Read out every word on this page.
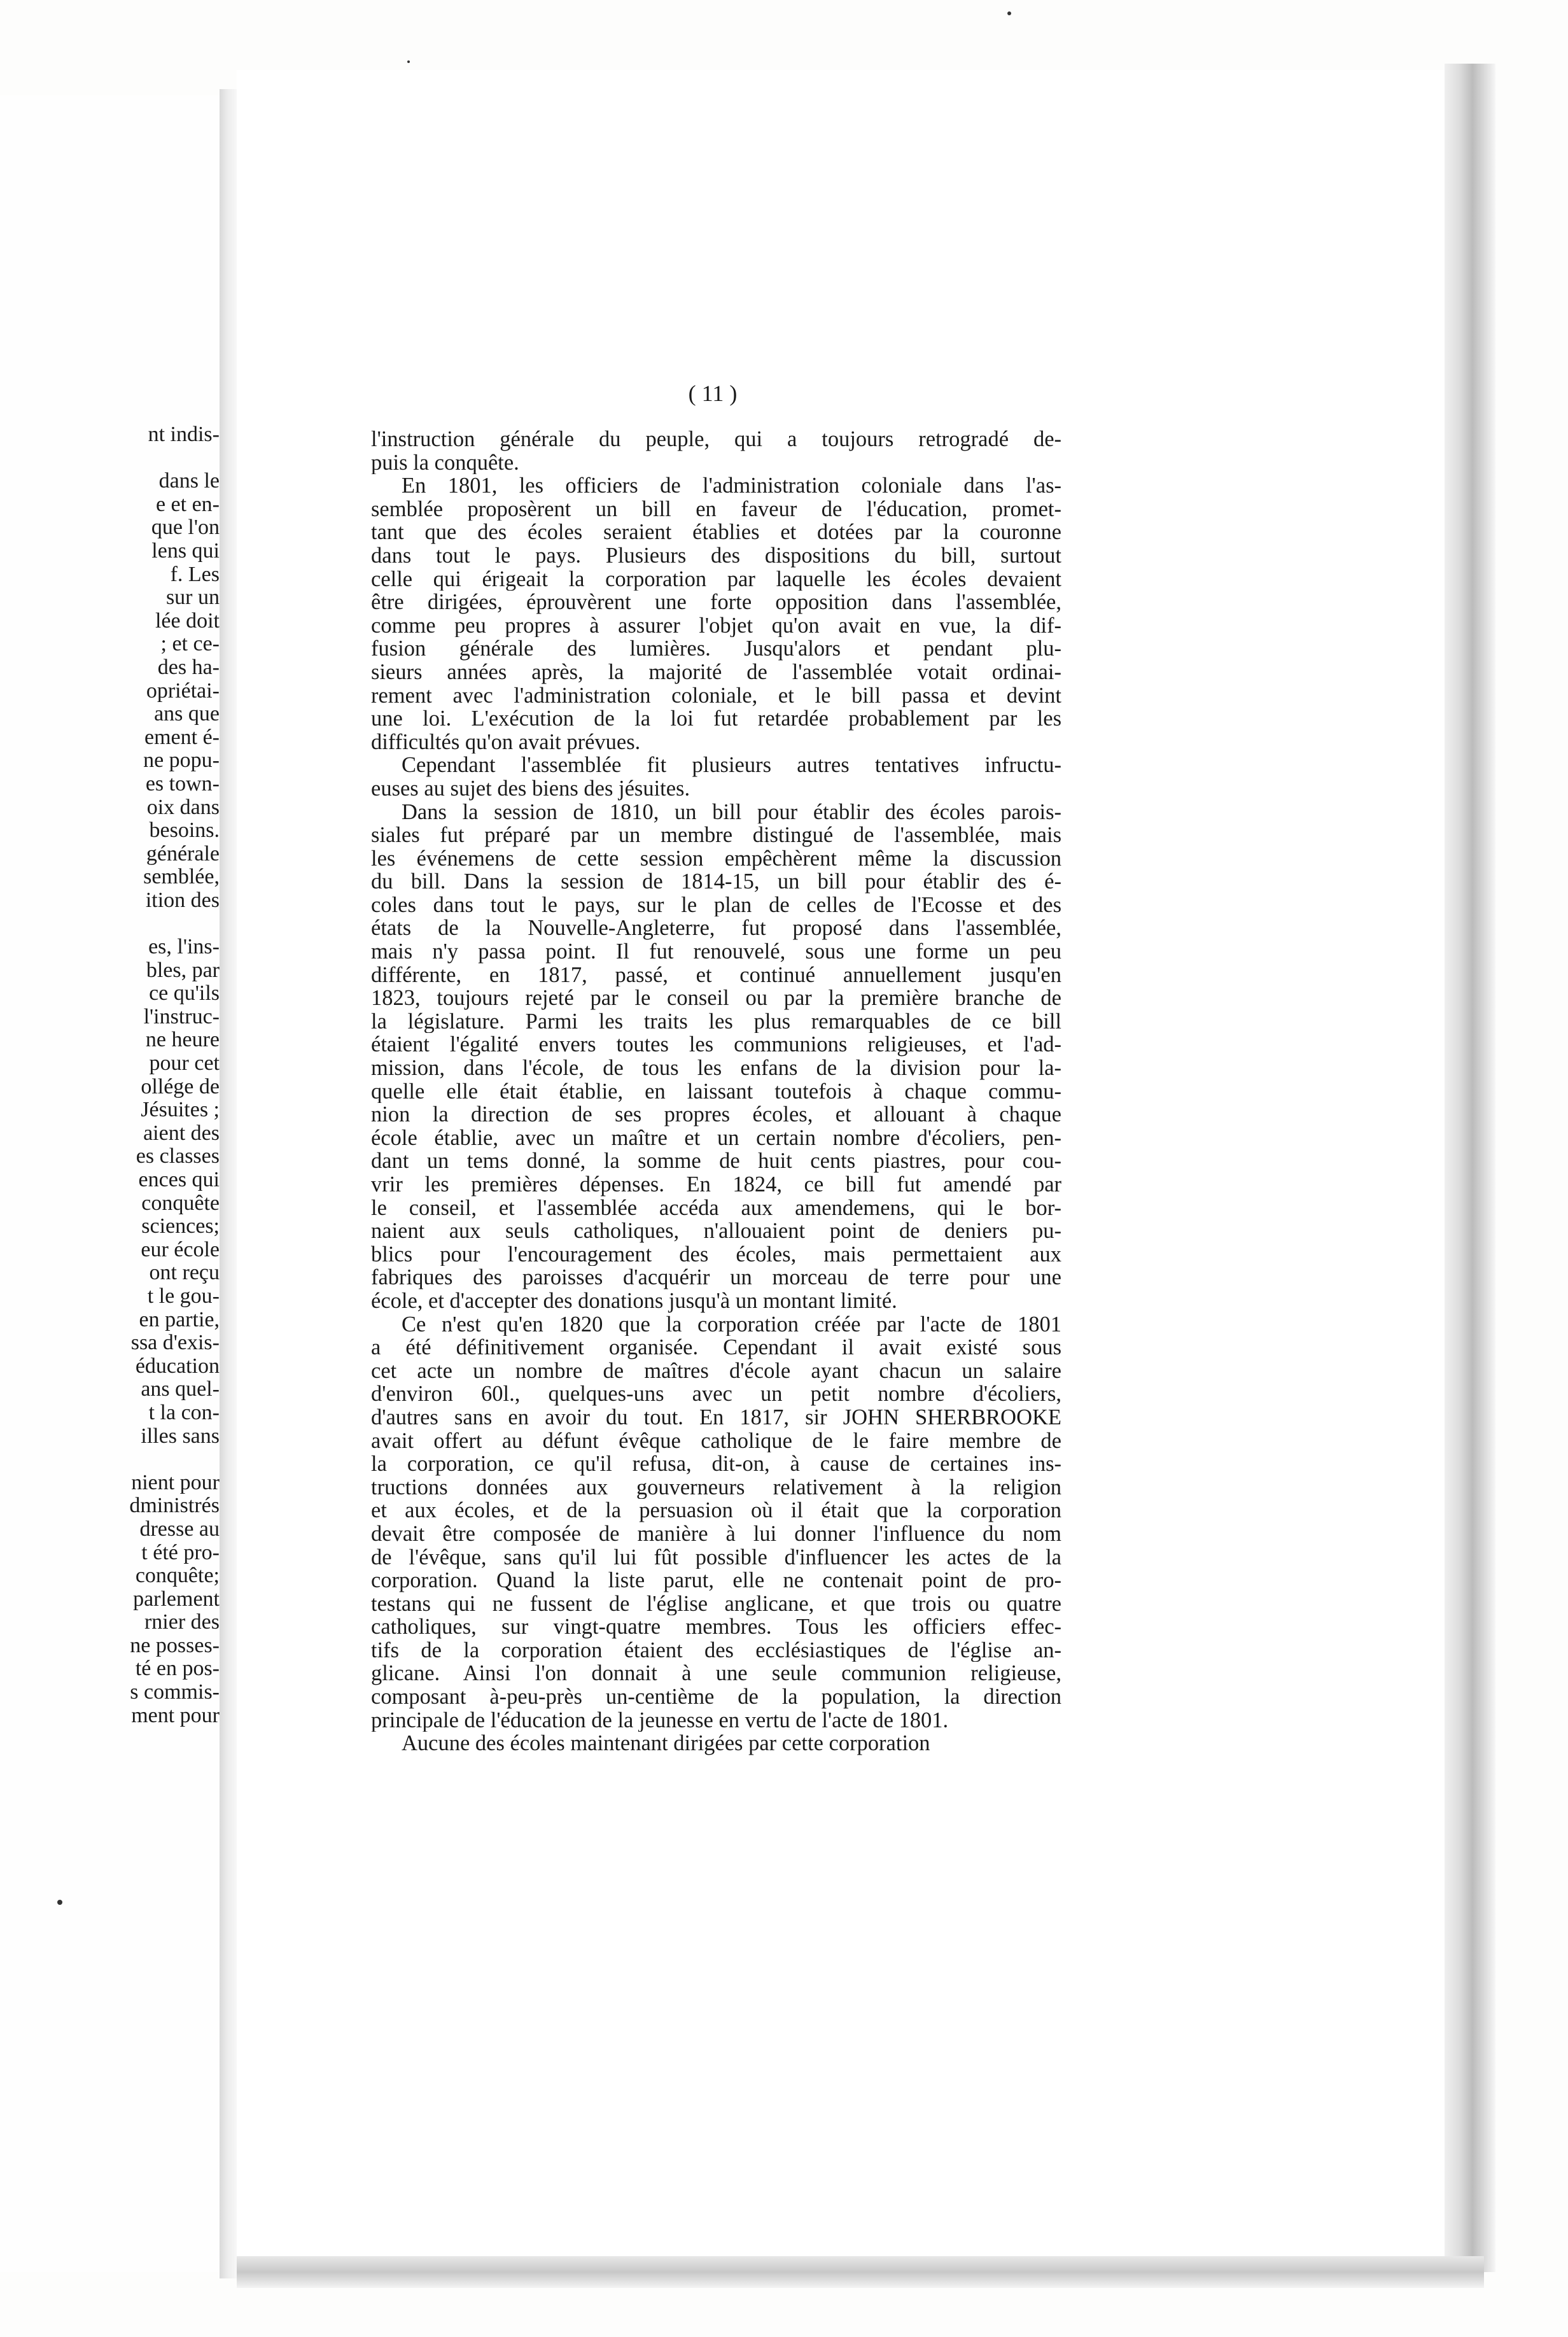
nt indis-
dans le
e et en-
que l'on
lens qui
f. Les
sur un
lée doit
; et ce-
des ha-
opriétai-
ans que
ement é-
ne popu-
es town-
oix dans
besoins.
générale
semblée,
ition des
es, l'ins-
bles, par
ce qu'ils
l'instruc-
ne heure
pour cet
ollége de
Jésuites ;
aient des
es classes
ences qui
conquête
sciences;
eur école
ont reçu
t le gou-
en partie,
ssa d'exis-
éducation
ans quel-
t la con-
illes sans
nient pour
dministrés
dresse au
t été pro-
conquête;
parlement
rnier des
ne posses-
té en pos-
s commis-
ment pour
( 11 )
l'instruction générale du peuple, qui a toujours retrogradé de-
puis la conquête.
En 1801, les officiers de l'administration coloniale dans l'as-
semblée proposèrent un bill en faveur de l'éducation, promet-
tant que des écoles seraient établies et dotées par la couronne
dans tout le pays. Plusieurs des dispositions du bill, surtout
celle qui érigeait la corporation par laquelle les écoles devaient
être dirigées, éprouvèrent une forte opposition dans l'assemblée,
comme peu propres à assurer l'objet qu'on avait en vue, la dif-
fusion générale des lumières. Jusqu'alors et pendant plu-
sieurs années après, la majorité de l'assemblée votait ordinai-
rement avec l'administration coloniale, et le bill passa et devint
une loi. L'exécution de la loi fut retardée probablement par les
difficultés qu'on avait prévues.
Cependant l'assemblée fit plusieurs autres tentatives infructu-
euses au sujet des biens des jésuites.
Dans la session de 1810, un bill pour établir des écoles parois-
siales fut préparé par un membre distingué de l'assemblée, mais
les événemens de cette session empêchèrent même la discussion
du bill. Dans la session de 1814-15, un bill pour établir des é-
coles dans tout le pays, sur le plan de celles de l'Ecosse et des
états de la Nouvelle-Angleterre, fut proposé dans l'assemblée,
mais n'y passa point. Il fut renouvelé, sous une forme un peu
différente, en 1817, passé, et continué annuellement jusqu'en
1823, toujours rejeté par le conseil ou par la première branche de
la législature. Parmi les traits les plus remarquables de ce bill
étaient l'égalité envers toutes les communions religieuses, et l'ad-
mission, dans l'école, de tous les enfans de la division pour la-
quelle elle était établie, en laissant toutefois à chaque commu-
nion la direction de ses propres écoles, et allouant à chaque
école établie, avec un maître et un certain nombre d'écoliers, pen-
dant un tems donné, la somme de huit cents piastres, pour cou-
vrir les premières dépenses. En 1824, ce bill fut amendé par
le conseil, et l'assemblée accéda aux amendemens, qui le bor-
naient aux seuls catholiques, n'allouaient point de deniers pu-
blics pour l'encouragement des écoles, mais permettaient aux
fabriques des paroisses d'acquérir un morceau de terre pour une
école, et d'accepter des donations jusqu'à un montant limité.
Ce n'est qu'en 1820 que la corporation créée par l'acte de 1801
a été définitivement organisée. Cependant il avait existé sous
cet acte un nombre de maîtres d'école ayant chacun un salaire
d'environ 60l., quelques-uns avec un petit nombre d'écoliers,
d'autres sans en avoir du tout. En 1817, sir JOHN SHERBROOKE
avait offert au défunt évêque catholique de le faire membre de
la corporation, ce qu'il refusa, dit-on, à cause de certaines ins-
tructions données aux gouverneurs relativement à la religion
et aux écoles, et de la persuasion où il était que la corporation
devait être composée de manière à lui donner l'influence du nom
de l'évêque, sans qu'il lui fût possible d'influencer les actes de la
corporation. Quand la liste parut, elle ne contenait point de pro-
testans qui ne fussent de l'église anglicane, et que trois ou quatre
catholiques, sur vingt-quatre membres. Tous les officiers effec-
tifs de la corporation étaient des ecclésiastiques de l'église an-
glicane. Ainsi l'on donnait à une seule communion religieuse,
composant à-peu-près un-centième de la population, la direction
principale de l'éducation de la jeunesse en vertu de l'acte de 1801.
Aucune des écoles maintenant dirigées par cette corporation
